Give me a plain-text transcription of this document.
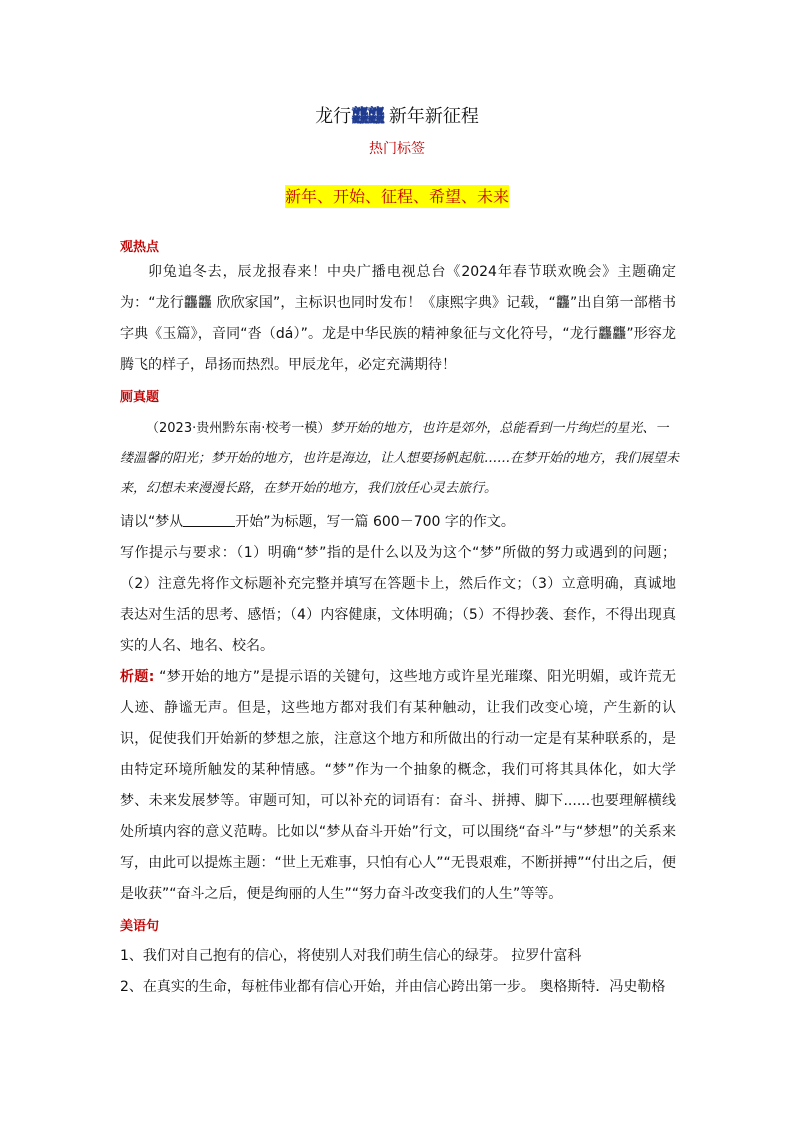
龙行龘龘 新年新征程
热门标签
新年、开始、征程、希望、未来
观热点
卯兔追冬去，辰龙报春来！中央广播电视总台《2024年春节联欢晚会》主题确定为：“龙行龘龘 欣欣家国”，主标识也同时发布！《康熙字典》记载，“龘”出自第一部楷书字典《玉篇》，音同“沓（dá）”。龙是中华民族的精神象征与文化符号，“龙行龘龘”形容龙腾飞的样子，昂扬而热烈。甲辰龙年，必定充满期待！
厕真题
（2023·贵州黔东南·校考一模）梦开始的地方，也许是郊外，总能看到一片绚烂的星光、一缕温馨的阳光；梦开始的地方，也许是海边，让人想要扬帆起航……在梦开始的地方，我们展望未来，幻想未来漫漫长路，在梦开始的地方，我们放任心灵去旅行。
请以“梦从	开始”为标题，写一篇 600－700 字的作文。
写作提示与要求：（1）明确“梦”指的是什么以及为这个“梦”所做的努力或遇到的问题；（2）注意先将作文标题补充完整并填写在答题卡上，然后作文；（3）立意明确，真诚地表达对生活的思考、感悟；（4）内容健康，文体明确；（5）不得抄袭、套作，不得出现真实的人名、地名、校名。
析题: “梦开始的地方”是提示语的关键句，这些地方或许星光璀璨、阳光明媚，或许荒无人迹、静谧无声。但是，这些地方都对我们有某种触动，让我们改变心境，产生新的认识，促使我们开始新的梦想之旅，注意这个地方和所做出的行动一定是有某种联系的，是由特定环境所触发的某种情感。“梦”作为一个抽象的概念，我们可将其具体化，如大学梦、未来发展梦等。审题可知，可以补充的词语有：奋斗、拼搏、脚下......也要理解横线处所填内容的意义范畴。比如以“梦从奋斗开始”行文，可以围绕“奋斗”与“梦想”的关系来写，由此可以提炼主题：“世上无难事，只怕有心人”“无畏艰难，不断拼搏”“付出之后，便是收获”“奋斗之后，便是绚丽的人生”“努力奋斗改变我们的人生”等等。
美语句
1、我们对自己抱有的信心，将使别人对我们萌生信心的绿芽。 拉罗什富科
2、在真实的生命，每桩伟业都有信心开始，并由信心跨出第一步。 奥格斯特．冯史勒格
